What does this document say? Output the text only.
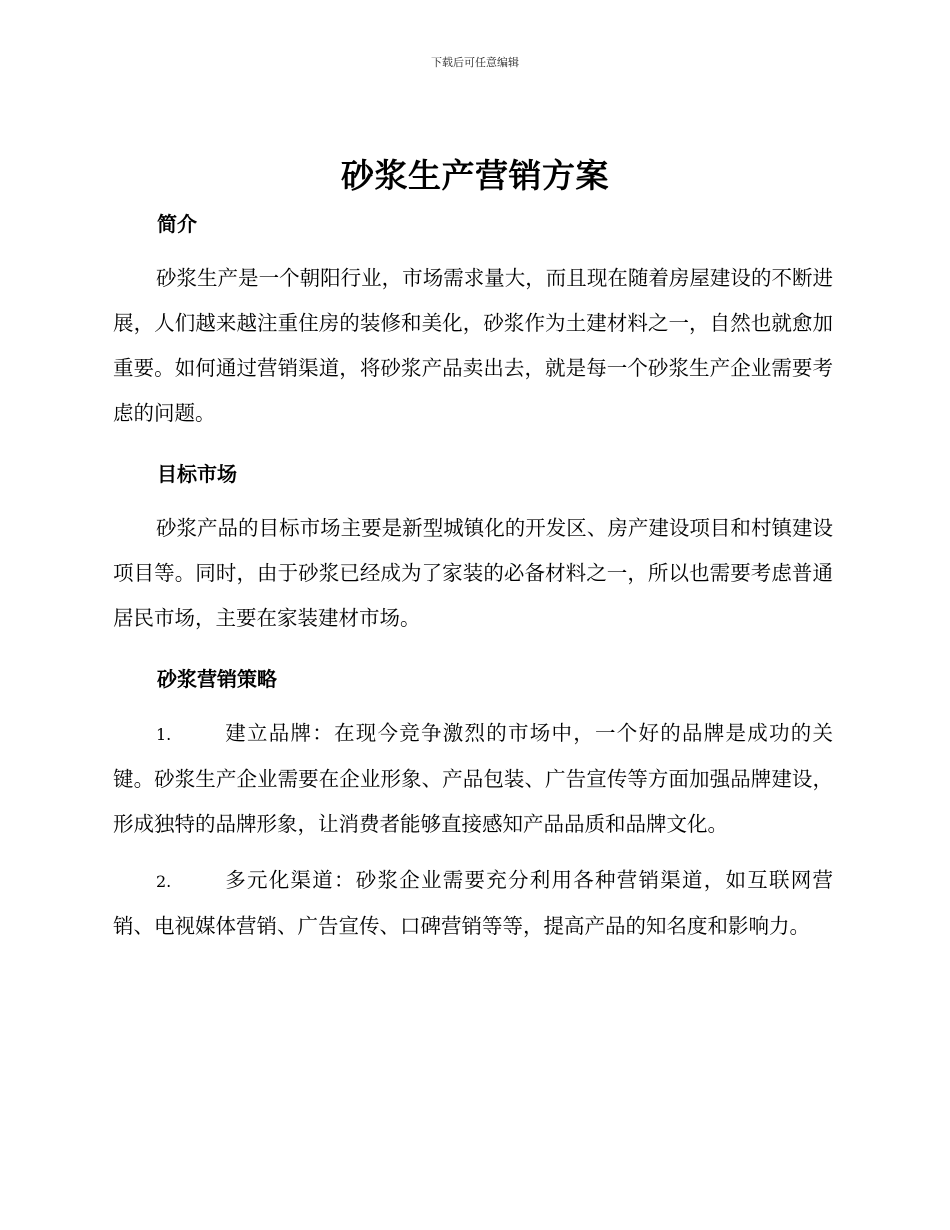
下载后可任意编辑
砂浆生产营销方案
简介

砂浆生产是一个朝阳行业，市场需求量大，而且现在随着房屋建设的不断进展，人们越来越注重住房的装修和美化，砂浆作为土建材料之一，自然也就愈加重要。如何通过营销渠道，将砂浆产品卖出去，就是每一个砂浆生产企业需要考虑的问题。

目标市场

砂浆产品的目标市场主要是新型城镇化的开发区、房产建设项目和村镇建设项目等。同时，由于砂浆已经成为了家装的必备材料之一，所以也需要考虑普通居民市场，主要在家装建材市场。

砂浆营销策略
1.	建立品牌：在现今竞争激烈的市场中，一个好的品牌是成功的关键。砂浆生产企业需要在企业形象、产品包装、广告宣传等方面加强品牌建设，形成独特的品牌形象，让消费者能够直接感知产品品质和品牌文化。
2.	多元化渠道：砂浆企业需要充分利用各种营销渠道，如互联网营销、电视媒体营销、广告宣传、口碑营销等等，提高产品的知名度和影响力。
